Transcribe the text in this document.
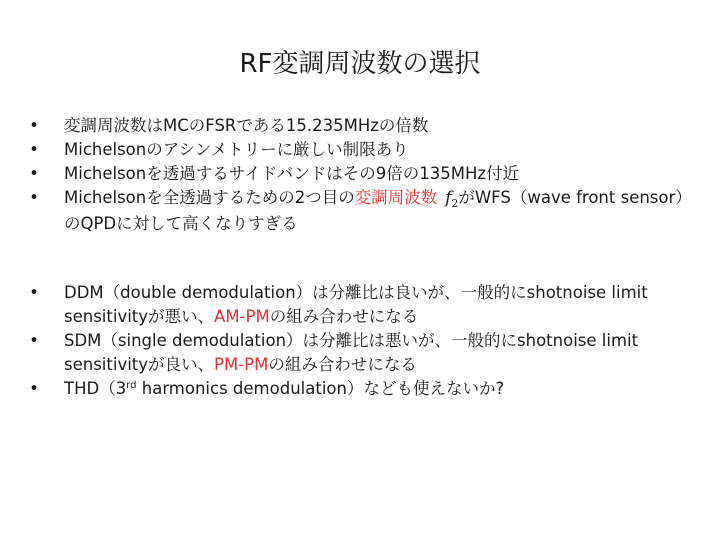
RF変調周波数の選択
• 変調周波数はMCのFSRである15.235MHzの倍数
• Michelsonのアシンメトリーに厳しい制限あり
• Michelsonを透過するサイドバンドはその9倍の135MHz付近
• Michelsonを全透過するための2つ目の変調周波数 $f_2$がWFS（wave front sensor）のQPDに対して高くなりすぎる
• DDM（double demodulation）は分離比は良いが、一般的にshotnoise limit sensitivityが悪い、AM-PMの組み合わせになる
• SDM（single demodulation）は分離比は悪いが、一般的にshotnoise limit sensitivityが良い、PM-PMの組み合わせになる
• THD（3rd harmonics demodulation）なども使えないか?
